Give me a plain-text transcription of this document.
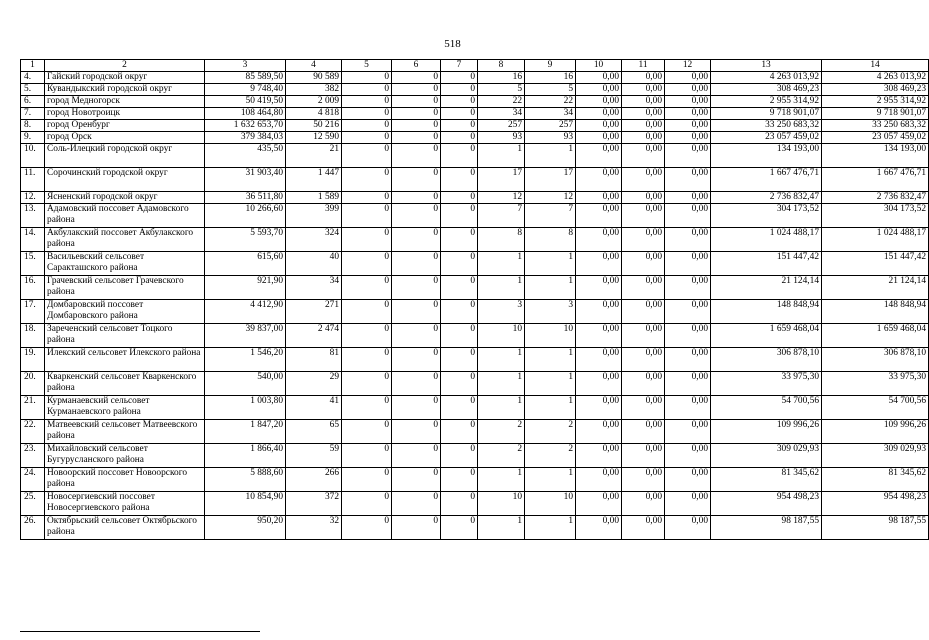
518
1	2	3	4	5	6	7	8	9	10	11	12	13	14
4.	Гайский городской округ	85 589,50	90 589	0	0	0	16	16	0,00	0,00	0,00	4 263 013,92	4 263 013,92
5.	Кувандыкский городской округ	9 748,40	382	0	0	0	5	5	0,00	0,00	0,00	308 469,23	308 469,23
6.	город Медногорск	50 419,50	2 009	0	0	0	22	22	0,00	0,00	0,00	2 955 314,92	2 955 314,92
7.	город Новотроицк	108 464,80	4 818	0	0	0	34	34	0,00	0,00	0,00	9 718 901,07	9 718 901,07
8.	город Оренбург	1 632 653,70	50 216	0	0	0	257	257	0,00	0,00	0,00	33 250 683,32	33 250 683,32
9.	город Орск	379 384,03	12 590	0	0	0	93	93	0,00	0,00	0,00	23 057 459,02	23 057 459,02
10.	Соль-Илецкий городской округ	435,50	21	0	0	0	1	1	0,00	0,00	0,00	134 193,00	134 193,00
11.	Сорочинский городской округ	31 903,40	1 447	0	0	0	17	17	0,00	0,00	0,00	1 667 476,71	1 667 476,71
12.	Ясненский городской округ	36 511,80	1 589	0	0	0	12	12	0,00	0,00	0,00	2 736 832,47	2 736 832,47
13.	Адамовский поссовет Адамовского района	10 266,60	399	0	0	0	7	7	0,00	0,00	0,00	304 173,52	304 173,52
14.	Акбулакский поссовет Акбулакского района	5 593,70	324	0	0	0	8	8	0,00	0,00	0,00	1 024 488,17	1 024 488,17
15.	Васильевский сельсовет Саракташского района	615,60	40	0	0	0	1	1	0,00	0,00	0,00	151 447,42	151 447,42
16.	Грачевский сельсовет Грачевского района	921,90	34	0	0	0	1	1	0,00	0,00	0,00	21 124,14	21 124,14
17.	Домбаровский поссовет Домбаровского района	4 412,90	271	0	0	0	3	3	0,00	0,00	0,00	148 848,94	148 848,94
18.	Зареченский сельсовет Тоцкого района	39 837,00	2 474	0	0	0	10	10	0,00	0,00	0,00	1 659 468,04	1 659 468,04
19.	Илекский сельсовет Илекского района	1 546,20	81	0	0	0	1	1	0,00	0,00	0,00	306 878,10	306 878,10
20.	Кваркенский сельсовет Кваркенского района	540,00	29	0	0	0	1	1	0,00	0,00	0,00	33 975,30	33 975,30
21.	Курманаевский сельсовет Курманаевского района	1 003,80	41	0	0	0	1	1	0,00	0,00	0,00	54 700,56	54 700,56
22.	Матвеевский сельсовет Матвеевского района	1 847,20	65	0	0	0	2	2	0,00	0,00	0,00	109 996,26	109 996,26
23.	Михайловский сельсовет Бугурусланского района	1 866,40	59	0	0	0	2	2	0,00	0,00	0,00	309 029,93	309 029,93
24.	Новоорский поссовет Новоорского района	5 888,60	266	0	0	0	1	1	0,00	0,00	0,00	81 345,62	81 345,62
25.	Новосергиевский поссовет Новосергиевского района	10 854,90	372	0	0	0	10	10	0,00	0,00	0,00	954 498,23	954 498,23
26.	Октябрьский сельсовет Октябрьского района	950,20	32	0	0	0	1	1	0,00	0,00	0,00	98 187,55	98 187,55
